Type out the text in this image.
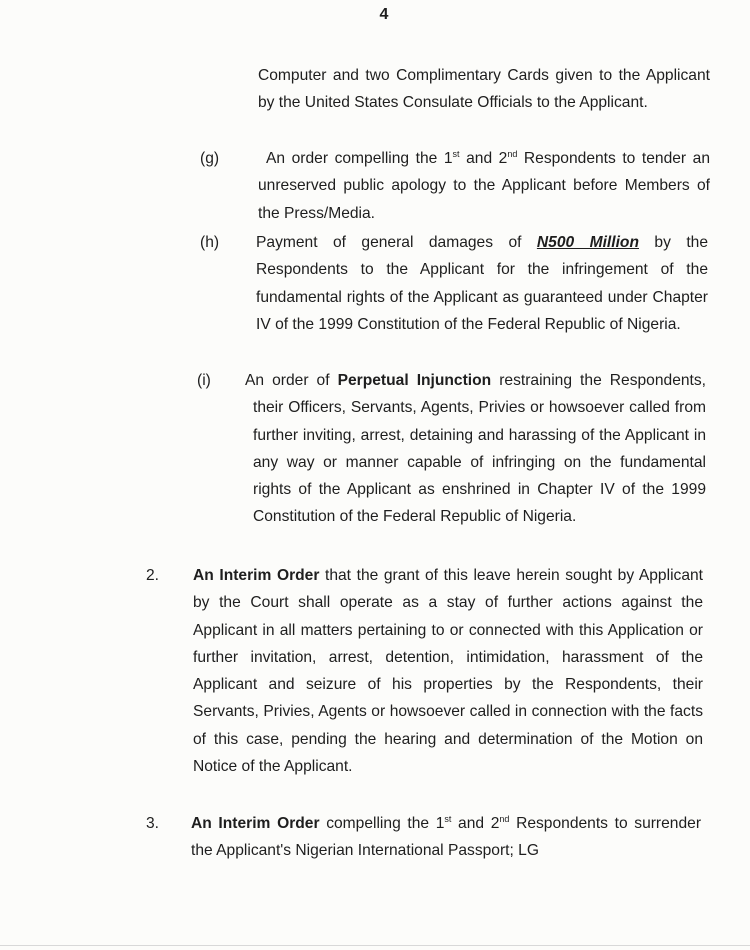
4
Computer and two Complimentary Cards given to the Applicant by the United States Consulate Officials to the Applicant.
(g)	An order compelling the 1st and 2nd Respondents to tender an unreserved public apology to the Applicant before Members of the Press/Media.
(h) Payment of general damages of N500 Million by the Respondents to the Applicant for the infringement of the fundamental rights of the Applicant as guaranteed under Chapter IV of the 1999 Constitution of the Federal Republic of Nigeria.
(i) An order of Perpetual Injunction restraining the Respondents, their Officers, Servants, Agents, Privies or howsoever called from further inviting, arrest, detaining and harassing of the Applicant in any way or manner capable of infringing on the fundamental rights of the Applicant as enshrined in Chapter IV of the 1999 Constitution of the Federal Republic of Nigeria.
2. An Interim Order that the grant of this leave herein sought by Applicant by the Court shall operate as a stay of further actions against the Applicant in all matters pertaining to or connected with this Application or further invitation, arrest, detention, intimidation, harassment of the Applicant and seizure of his properties by the Respondents, their Servants, Privies, Agents or howsoever called in connection with the facts of this case, pending the hearing and determination of the Motion on Notice of the Applicant.
3. An Interim Order compelling the 1st and 2nd Respondents to surrender the Applicant's Nigerian International Passport; LG
